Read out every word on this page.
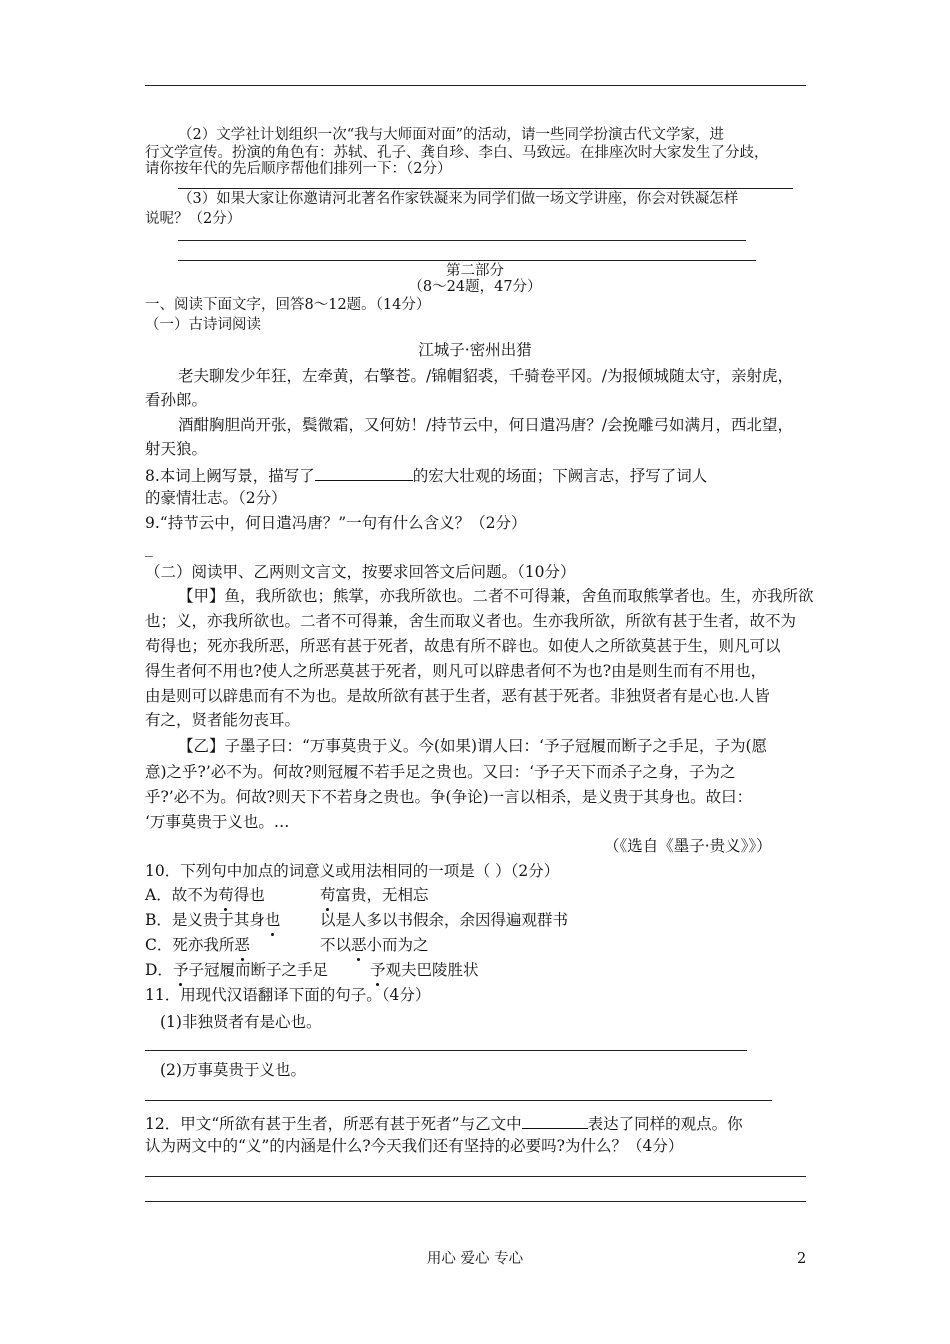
（2）文学社计划组织一次“我与大师面对面”的活动，请一些同学扮演古代文学家，进
行文学宣传。扮演的角色有：苏轼、孔子、龚自珍、李白、马致远。在排座次时大家发生了分歧，
请你按年代的先后顺序帮他们排列一下：（2分）
（3）如果大家让你邀请河北著名作家铁凝来为同学们做一场文学讲座，你会对铁凝怎样
说呢？（2分）
第二部分
（8～24题，47分）
一、阅读下面文字，回答8～12题。（14分）
（一）古诗词阅读
江城子·密州出猎
老夫聊发少年狂，左牵黄，右擎苍。/锦帽貂裘，千骑卷平冈。/为报倾城随太守，亲射虎，
看孙郎。
酒酣胸胆尚开张，鬓微霜，又何妨！/持节云中，何日遣冯唐？/会挽雕弓如满月，西北望，
射天狼。
8.本词上阙写景，描写了	的宏大壮观的场面；下阙言志，抒写了词人
的豪情壮志。（2分）
9.“持节云中，何日遣冯唐？”一句有什么含义？（2分）
_
（二）阅读甲、乙两则文言文，按要求回答文后问题。（10分）
【甲】鱼，我所欲也；熊掌，亦我所欲也。二者不可得兼，舍鱼而取熊掌者也。生，亦我所欲
也；义，亦我所欲也。二者不可得兼，舍生而取义者也。生亦我所欲，所欲有甚于生者，故不为
苟得也；死亦我所恶，所恶有甚于死者，故患有所不辟也。如使人之所欲莫甚于生，则凡可以
得生者何不用也?使人之所恶莫甚于死者，则凡可以辟患者何不为也?由是则生而有不用也，
由是则可以辟患而有不为也。是故所欲有甚于生者，恶有甚于死者。非独贤者有是心也.人皆
有之，贤者能勿丧耳。
【乙】子墨子曰：“万事莫贵于义。今(如果)谓人曰：‘予子冠履而断子之手足，子为(愿
意)之乎?’必不为。何故?则冠履不若手足之贵也。又曰：‘予子天下而杀子之身，子为之
乎?’必不为。何故?则天下不若身之贵也。争(争论)一言以相杀，是义贵于其身也。故曰：
‘万事莫贵于义也。…
（《选自《墨子·贵义》》）
10．下列句中加点的词意义或用法相同的一项是（ ）（2分）
A．故不为苟得也	苟富贵，无相忘
B．是义贵于其身也	以是人多以书假余，余因得遍观群书
C．死亦我所恶	不以恶小而为之
D．予子冠履而断子之手足	予观夫巴陵胜状
11．用现代汉语翻译下面的句子。（4分）
(1)非独贤者有是心也。
(2)万事莫贵于义也。
12．甲文“所欲有甚于生者，所恶有甚于死者”与乙文中	表达了同样的观点。你
认为两文中的“义”的内涵是什么?今天我们还有坚持的必要吗?为什么？（4分）
用心 爱心 专心	2
